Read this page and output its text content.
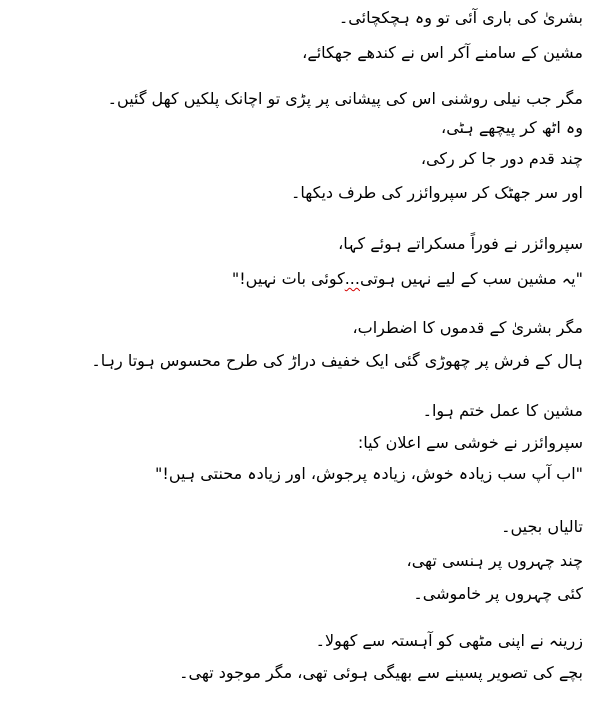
بشریٰ کی باری آئی تو وہ ہچکچائی۔
مشین کے سامنے آکر اس نے کندھے جھکائے،
مگر جب نیلی روشنی اس کی پیشانی پر پڑی تو اچانک پلکیں کھل گئیں۔
وہ اٹھ کر پیچھے ہٹی،
چند قدم دور جا کر رکی،
اور سر جھٹک کر سپروائزر کی طرف دیکھا۔
سپروائزر نے فوراً مسکراتے ہوئے کہا،
"یہ مشین سب کے لیے نہیں ہوتی...کوئی بات نہیں!"
مگر بشریٰ کے قدموں کا اضطراب،
ہال کے فرش پر چھوڑی گئی ایک خفیف دراڑ کی طرح محسوس ہوتا رہا۔
مشین کا عمل ختم ہوا۔
سپروائزر نے خوشی سے اعلان کیا:
"اب آپ سب زیادہ خوش، زیادہ پرجوش، اور زیادہ محنتی ہیں!"
تالیاں بجیں۔
چند چہروں پر ہنسی تھی،
کئی چہروں پر خاموشی۔
زرینہ نے اپنی مٹھی کو آہستہ سے کھولا۔
بچے کی تصویر پسینے سے بھیگی ہوئی تھی، مگر موجود تھی۔
